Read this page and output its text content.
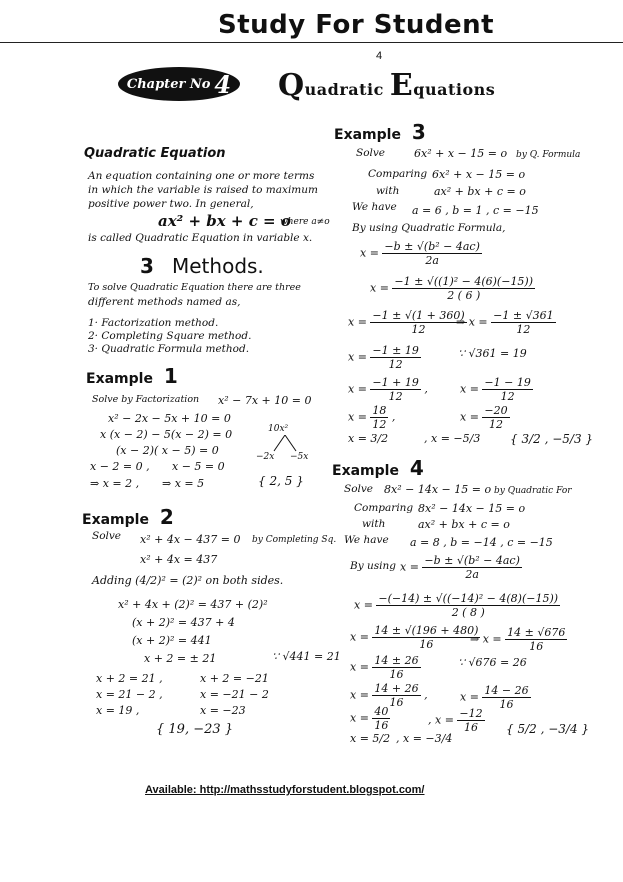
Study For Student
4
Chapter No 4 Quadratic Equations
Quadratic Equation
An equation containing one or more terms
in which the variable is raised to maximum
positive power two. In general,
ax² + bx + c = o
where a≠o
is called Quadratic Equation in variable x.
3 Methods.
To solve Quadratic Equation there are three
different methods named as,
1· Factorization method.
2· Completing Square method.
3· Quadratic Formula method.
Example 1
Solve by Factorization x² − 7x + 10 = 0
x² − 2x − 5x + 10 = 0
x (x − 2) − 5(x − 2) = 0
(x − 2)( x − 5) = 0
x − 2 = 0 , x − 5 = 0
⇒ x = 2 , ⇒ x = 5	{ 2, 5 }
10x²
−2x −5x
Example 2
Solve x² + 4x − 437 = 0 by Completing Sq.
x² + 4x = 437
Adding (4/2)² = (2)² on both sides.
x² + 4x + (2)² = 437 + (2)²
(x + 2)² = 437 + 4
(x + 2)² = 441
x + 2 = ± 21	∵ √441 = 21
x + 2 = 21 ,	x + 2 = −21
x = 21 − 2 ,	x = −21 − 2
x = 19 ,	x = −23
{ 19, −23 }
Example 3
Solve	6x² + x − 15 = o by Q. Formula
Comparing 6x² + x − 15 = o
with	ax² + bx + c = o
We have a = 6 , b = 1 , c = −15
By using Quadratic Formula,
$x = \frac{\text{−b ± √(b² − 4ac)}}{2a}$
$x = \frac{\text{−1 ± √((1)² − 4(6)(−15))}}{2 ( 6 )}$
$x = \frac{-1 \pm √(1 + 360)}{12}$
⇒ $x = \frac{-1 \pm √361}{12}$
$x = \frac{-1 \pm 19}{12}$	∵ √361 = 19
$x = \frac{-1 + 19}{12}$ ,	$x = \frac{-1 - 19}{12}$
$x = \frac{18}{12}$ ,	$x = \frac{-20}{12}$
x = 3/2	, x = −5/3 { 3/2 , −5/3 }
Example 4
Solve 8x² − 14x − 15 = o by Quadratic For
Comparing 8x² − 14x − 15 = o
with	ax² + bx + c = o
We have a = 8 , b = −14 , c = −15
By using $x = \frac{\text{−b ± √(b² − 4ac)}}{2a}$
$x = \frac{\text{−(−14) ± √((−14)² − 4(8)(−15))}}{2 ( 8 )}$
$x = \frac{14 \pm √(196 + 480)}{16}$
⇒ $x = \frac{14 \pm √676}{16}$
$x = \frac{14 \pm 26}{16}$	∵ √676 = 26
$x = \frac{14 + 26}{16}$ ,	$x = \frac{14 - 26}{16}$
$x = \frac{40}{16}$	, $x = \frac{-12}{16}$
x = 5/2 , x = −3/4
{ 5/2 , −3/4 }
Available: http://mathsstudyforstudent.blogspot.com/
